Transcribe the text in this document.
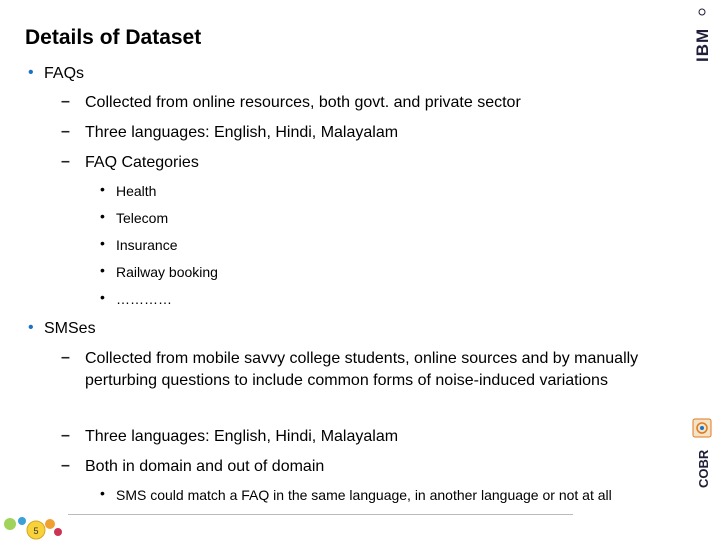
Details of Dataset	IBM
• FAQs
– Collected from online resources, both govt. and private sector
– Three languages: English, Hindi, Malayalam
– FAQ Categories
• Health
• Telecom
• Insurance
• Railway booking
• …………
• SMSes
– Collected from mobile savvy college students, online sources and by manually perturbing questions to include common forms of noise-induced variations
– Three languages: English, Hindi, Malayalam
– Both in domain and out of domain
• SMS could match a FAQ in the same language, in another language or not at all
COBR
5
